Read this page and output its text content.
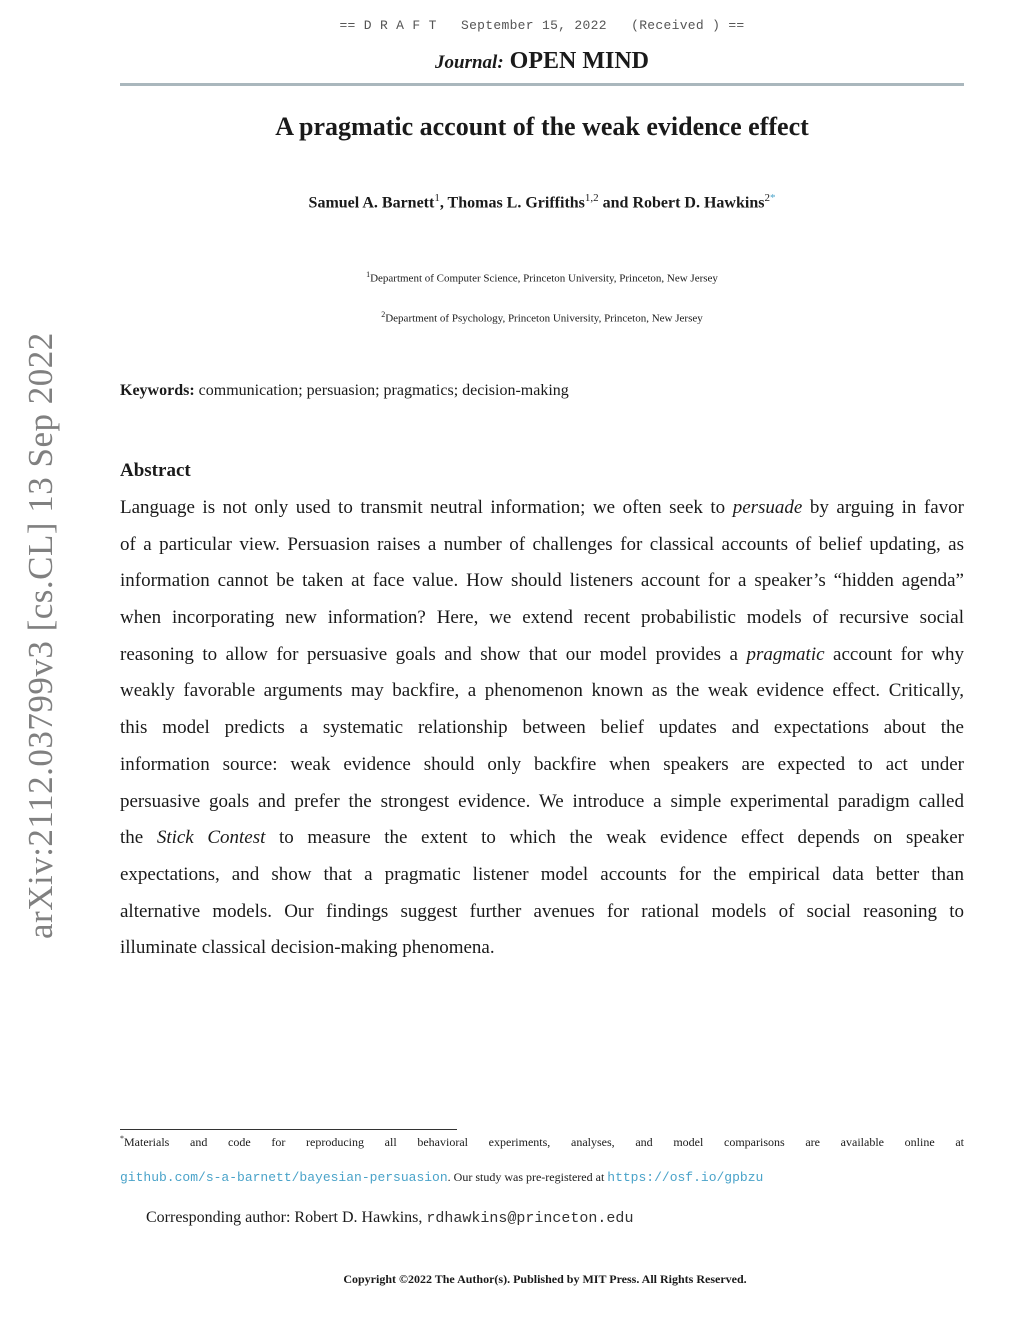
== D R A F T   September 15, 2022   (Received ) ==
Journal: OPEN MIND
A pragmatic account of the weak evidence effect
Samuel A. Barnett$^1$, Thomas L. Griffiths$^{1,2}$ and Robert D. Hawkins$^{2*}$
$^1$Department of Computer Science, Princeton University, Princeton, New Jersey
$^2$Department of Psychology, Princeton University, Princeton, New Jersey
arXiv:2112.03799v3 [cs.CL] 13 Sep 2022	Keywords: communication; persuasion; pragmatics; decision-making
Abstract
Language is not only used to transmit neutral information; we often seek to persuade by arguing in favor
of a particular view. Persuasion raises a number of challenges for classical accounts of belief updating, as
information cannot be taken at face value. How should listeners account for a speaker’s “hidden agenda”
when incorporating new information? Here, we extend recent probabilistic models of recursive social
reasoning to allow for persuasive goals and show that our model provides a pragmatic account for why
weakly favorable arguments may backfire, a phenomenon known as the weak evidence effect. Critically,
this model predicts a systematic relationship between belief updates and expectations about the
information source: weak evidence should only backfire when speakers are expected to act under
persuasive goals and prefer the strongest evidence. We introduce a simple experimental paradigm called
the Stick Contest to measure the extent to which the weak evidence effect depends on speaker
expectations, and show that a pragmatic listener model accounts for the empirical data better than
alternative models. Our findings suggest further avenues for rational models of social reasoning to
illuminate classical decision-making phenomena.
*Materials and code for reproducing all behavioral experiments, analyses, and model comparisons are available online at
github.com/s-a-barnett/bayesian-persuasion. Our study was pre-registered at https://osf.io/gpbzu
Corresponding author: Robert D. Hawkins, rdhawkins@princeton.edu
Copyright ©2022 The Author(s). Published by MIT Press. All Rights Reserved.
